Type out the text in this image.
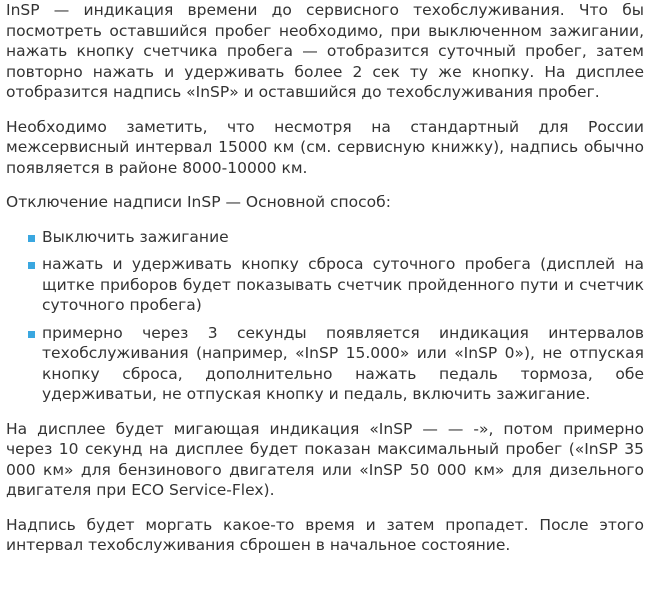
InSP — индикация времени до сервисного техобслуживания. Что бы посмотреть оставшийся пробег необходимо, при выключенном зажигании, нажать кнопку счетчика пробега — отобразится суточный пробег, затем повторно нажать и удерживать более 2 сек ту же кнопку. На дисплее отобразится надпись «InSP» и оставшийся до техобслуживания пробег.

Необходимо заметить, что несмотря на стандартный для России межсервисный интервал 15000 км (см. сервисную книжку), надпись обычно появляется в районе 8000-10000 км.

Отключение надписи InSP — Основной способ:

Выключить зажигание
нажать и удерживать кнопку сброса суточного пробега (дисплей на щитке приборов будет показывать счетчик пройденного пути и счетчик суточного пробега)
примерно через 3 секунды появляется индикация интервалов техобслуживания (например, «InSP 15.000» или «InSP 0»), не отпуская кнопку сброса, дополнительно нажать педаль тормоза, обе удерживатьи, не отпуская кнопку и педаль, включить зажигание.

На дисплее будет мигающая индикация «InSP — — -», потом примерно через 10 секунд на дисплее будет показан максимальный пробег («InSP 35 000 км» для бензинового двигателя или «InSP 50 000 км» для дизельного двигателя при ECO Service-Flex).

Надпись будет моргать какое-то время и затем пропадет. После этого интервал техобслуживания сброшен в начальное состояние.
